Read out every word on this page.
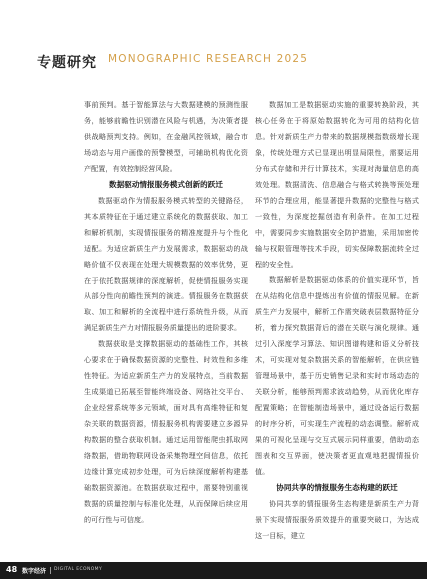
专题研究 MONOGRAPHIC RESEARCH 2025

事前预判。基于智能算法与大数据建模的预测性服务，能够前瞻性识别潜在风险与机遇，为决策者提供战略预判支持。例如，在金融风控领域，融合市场动态与用户画像的预警模型，可辅助机构优化资产配置，有效控制经营风险。

数据驱动情报服务模式创新的跃迁

数据驱动作为情报服务模式转型的关键路径，其本质特征在于通过建立系统化的数据获取、加工和解析机制，实现情报服务的精准度提升与个性化适配。为适应新质生产力发展需求，数据驱动的战略价值不仅表现在处理大规模数据的效率优势，更在于依托数据规律的深度解析，促使情报服务实现从部分性向前瞻性预判的演进。情报服务在数据获取、加工和解析的全流程中进行系统性升级，从而满足新质生产力对情报服务质量提出的进阶要求。

数据获取是支撑数据驱动的基础性工作，其核心要求在于确保数据资源的完整性、时效性和多维性特征。为适应新质生产力的发展特点，当前数据生成渠道已拓展至智能终端设备、网络社交平台、企业经营系统等多元领域，面对具有高维特征和复杂关联的数据资源，情报服务机构需要建立多源异构数据的整合获取机制。通过运用智能爬虫抓取网络数据，借助物联网设备采集物理空间信息，依托边缘计算完成初步处理，可为后续深度解析构建基础数据资源池。在数据获取过程中，需要特别重视数据的质量控制与标准化处理，从而保障后续应用的可行性与可信度。

数据加工是数据驱动实施的重要转换阶段，其核心任务在于将原始数据转化为可用的结构化信息。针对新质生产力带来的数据规模指数级增长现象，传统处理方式已显现出明显局限性，需要运用分布式存储和并行计算技术，实现对海量信息的高效处理。数据清洗、信息融合与格式转换等预处理环节的合理应用，能显著提升数据的完整性与格式一致性，为深度挖掘创造有利条件。在加工过程中，需要同步实施数据安全防护措施，采用加密传输与权限管理等技术手段，切实保障数据流转全过程的安全性。

数据解析是数据驱动体系的价值实现环节，旨在从结构化信息中提炼出有价值的情报见解。在新质生产力发展中，解析工作需突破表层数据特征分析，着力探究数据背后的潜在关联与演化规律。通过引入深度学习算法、知识图谱构建和语义分析技术，可实现对复杂数据关系的智能解析，在供应链管理场景中，基于历史销售记录和实时市场动态的关联分析，能够预判需求波动趋势，从而优化库存配置策略；在智能制造场景中，通过设备运行数据的时序分析，可实现生产流程的动态调整。解析成果的可视化呈现与交互式展示同样重要，借助动态图表和交互界面，使决策者更直观地把握情报价值。

协同共享的情报服务生态构建的跃迁

协同共享的情报服务生态构建是新质生产力背景下实现情报服务质效提升的重要突破口，为达成这一目标，建立

48 数字经济 DIGITAL ECONOMY
